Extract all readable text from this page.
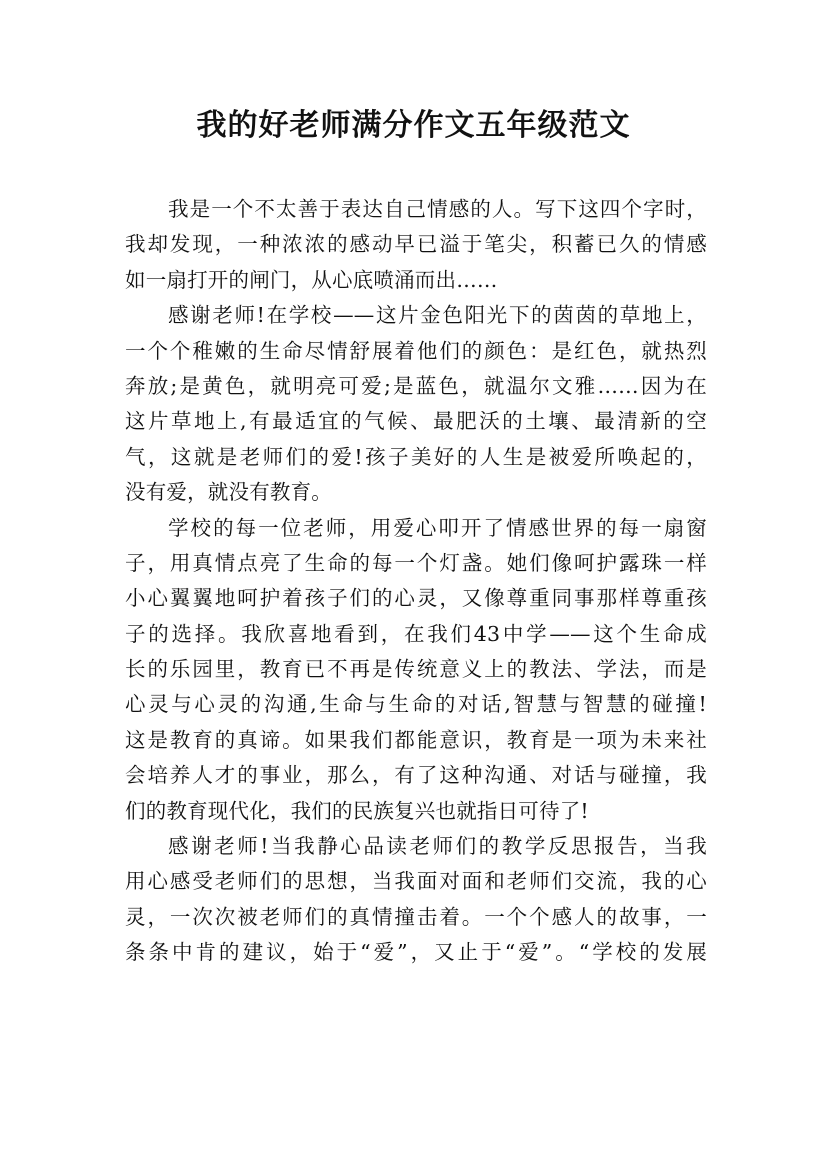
我的好老师满分作文五年级范文
我是一个不太善于表达自己情感的人。写下这四个字时，
我却发现，一种浓浓的感动早已溢于笔尖，积蓄已久的情感
如一扇打开的闸门，从心底喷涌而出……
感谢老师!在学校——这片金色阳光下的茵茵的草地上，
一个个稚嫩的生命尽情舒展着他们的颜色：是红色，就热烈
奔放;是黄色，就明亮可爱;是蓝色，就温尔文雅……因为在
这片草地上,有最适宜的气候、最肥沃的土壤、最清新的空
气，这就是老师们的爱!孩子美好的人生是被爱所唤起的，
没有爱，就没有教育。
学校的每一位老师，用爱心叩开了情感世界的每一扇窗
子，用真情点亮了生命的每一个灯盏。她们像呵护露珠一样
小心翼翼地呵护着孩子们的心灵，又像尊重同事那样尊重孩
子的选择。我欣喜地看到，在我们43中学——这个生命成
长的乐园里，教育已不再是传统意义上的教法、学法，而是
心灵与心灵的沟通,生命与生命的对话,智慧与智慧的碰撞!
这是教育的真谛。如果我们都能意识，教育是一项为未来社
会培养人才的事业，那么，有了这种沟通、对话与碰撞，我
们的教育现代化，我们的民族复兴也就指日可待了!
感谢老师!当我静心品读老师们的教学反思报告，当我
用心感受老师们的思想，当我面对面和老师们交流，我的心
灵，一次次被老师们的真情撞击着。一个个感人的故事，一
条条中肯的建议，始于“爱”，又止于“爱”。“学校的发展
